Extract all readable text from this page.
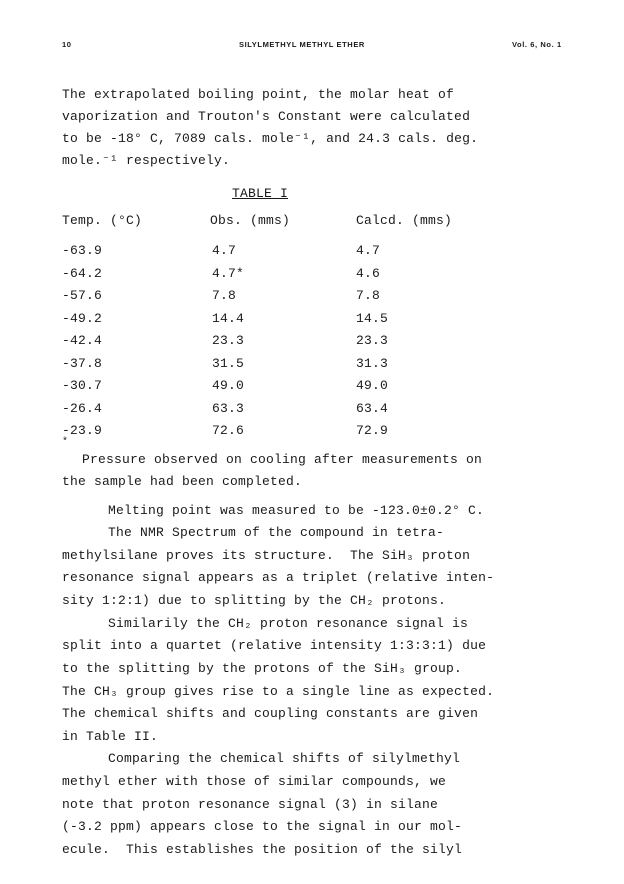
10	SILYLMETHYL METHYL ETHER	Vol. 6, No. 1
The extrapolated boiling point, the molar heat of
vaporization and Trouton's Constant were calculated
to be -18° C, 7089 cals. mole⁻¹, and 24.3 cals. deg.
mole.⁻¹ respectively.
TABLE I
Temp. (°C)	Obs. (mms)	Calcd. (mms)
-63.9	4.7	4.7
-64.2	4.7*	4.6
-57.6	7.8	7.8
-49.2	14.4	14.5
-42.4	23.3	23.3
-37.8	31.5	31.3
-30.7	49.0	49.0
-26.4	63.3	63.4
-23.9	72.6	72.9
*
Pressure observed on cooling after measurements on
the sample had been completed.
Melting point was measured to be -123.0±0.2° C.
The NMR Spectrum of the compound in tetra-
methylsilane proves its structure.  The SiH₃ proton
resonance signal appears as a triplet (relative inten-
sity 1:2:1) due to splitting by the CH₂ protons.
Similarily the CH₂ proton resonance signal is
split into a quartet (relative intensity 1:3:3:1) due
to the splitting by the protons of the SiH₃ group.
The CH₃ group gives rise to a single line as expected.
The chemical shifts and coupling constants are given
in Table II.
Comparing the chemical shifts of silylmethyl
methyl ether with those of similar compounds, we
note that proton resonance signal (3) in silane
(-3.2 ppm) appears close to the signal in our mol-
ecule.  This establishes the position of the silyl
